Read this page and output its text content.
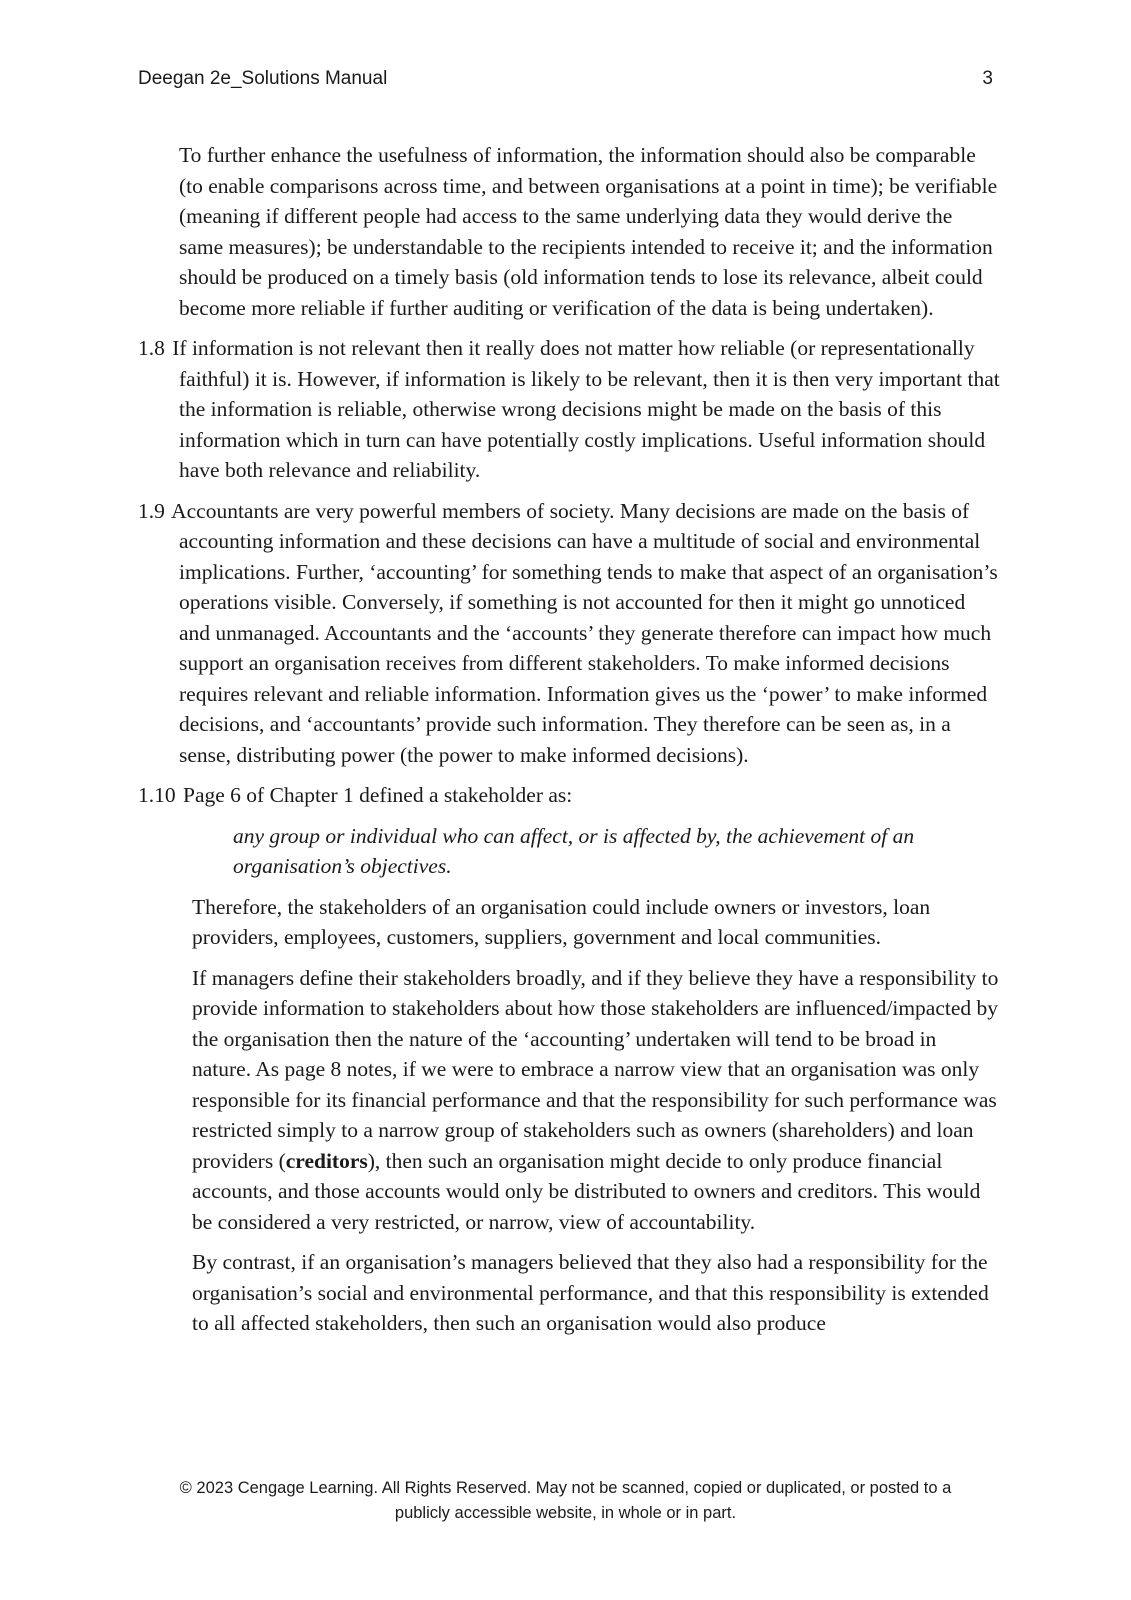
Deegan 2e_Solutions Manual	3

To further enhance the usefulness of information, the information should also be comparable (to enable comparisons across time, and between organisations at a point in time); be verifiable (meaning if different people had access to the same underlying data they would derive the same measures); be understandable to the recipients intended to receive it; and the information should be produced on a timely basis (old information tends to lose its relevance, albeit could become more reliable if further auditing or verification of the data is being undertaken).

1.8 If information is not relevant then it really does not matter how reliable (or representationally faithful) it is. However, if information is likely to be relevant, then it is then very important that the information is reliable, otherwise wrong decisions might be made on the basis of this information which in turn can have potentially costly implications. Useful information should have both relevance and reliability.

1.9 Accountants are very powerful members of society. Many decisions are made on the basis of accounting information and these decisions can have a multitude of social and environmental implications. Further, ‘accounting’ for something tends to make that aspect of an organisation’s operations visible. Conversely, if something is not accounted for then it might go unnoticed and unmanaged. Accountants and the ‘accounts’ they generate therefore can impact how much support an organisation receives from different stakeholders. To make informed decisions requires relevant and reliable information. Information gives us the ‘power’ to make informed decisions, and ‘accountants’ provide such information. They therefore can be seen as, in a sense, distributing power (the power to make informed decisions).

1.10 Page 6 of Chapter 1 defined a stakeholder as:

any group or individual who can affect, or is affected by, the achievement of an organisation’s objectives.

Therefore, the stakeholders of an organisation could include owners or investors, loan providers, employees, customers, suppliers, government and local communities.

If managers define their stakeholders broadly, and if they believe they have a responsibility to provide information to stakeholders about how those stakeholders are influenced/impacted by the organisation then the nature of the ‘accounting’ undertaken will tend to be broad in nature. As page 8 notes, if we were to embrace a narrow view that an organisation was only responsible for its financial performance and that the responsibility for such performance was restricted simply to a narrow group of stakeholders such as owners (shareholders) and loan providers (creditors), then such an organisation might decide to only produce financial accounts, and those accounts would only be distributed to owners and creditors. This would be considered a very restricted, or narrow, view of accountability.

By contrast, if an organisation’s managers believed that they also had a responsibility for the organisation’s social and environmental performance, and that this responsibility is extended to all affected stakeholders, then such an organisation would also produce

© 2023 Cengage Learning. All Rights Reserved. May not be scanned, copied or duplicated, or posted to a
publicly accessible website, in whole or in part.
